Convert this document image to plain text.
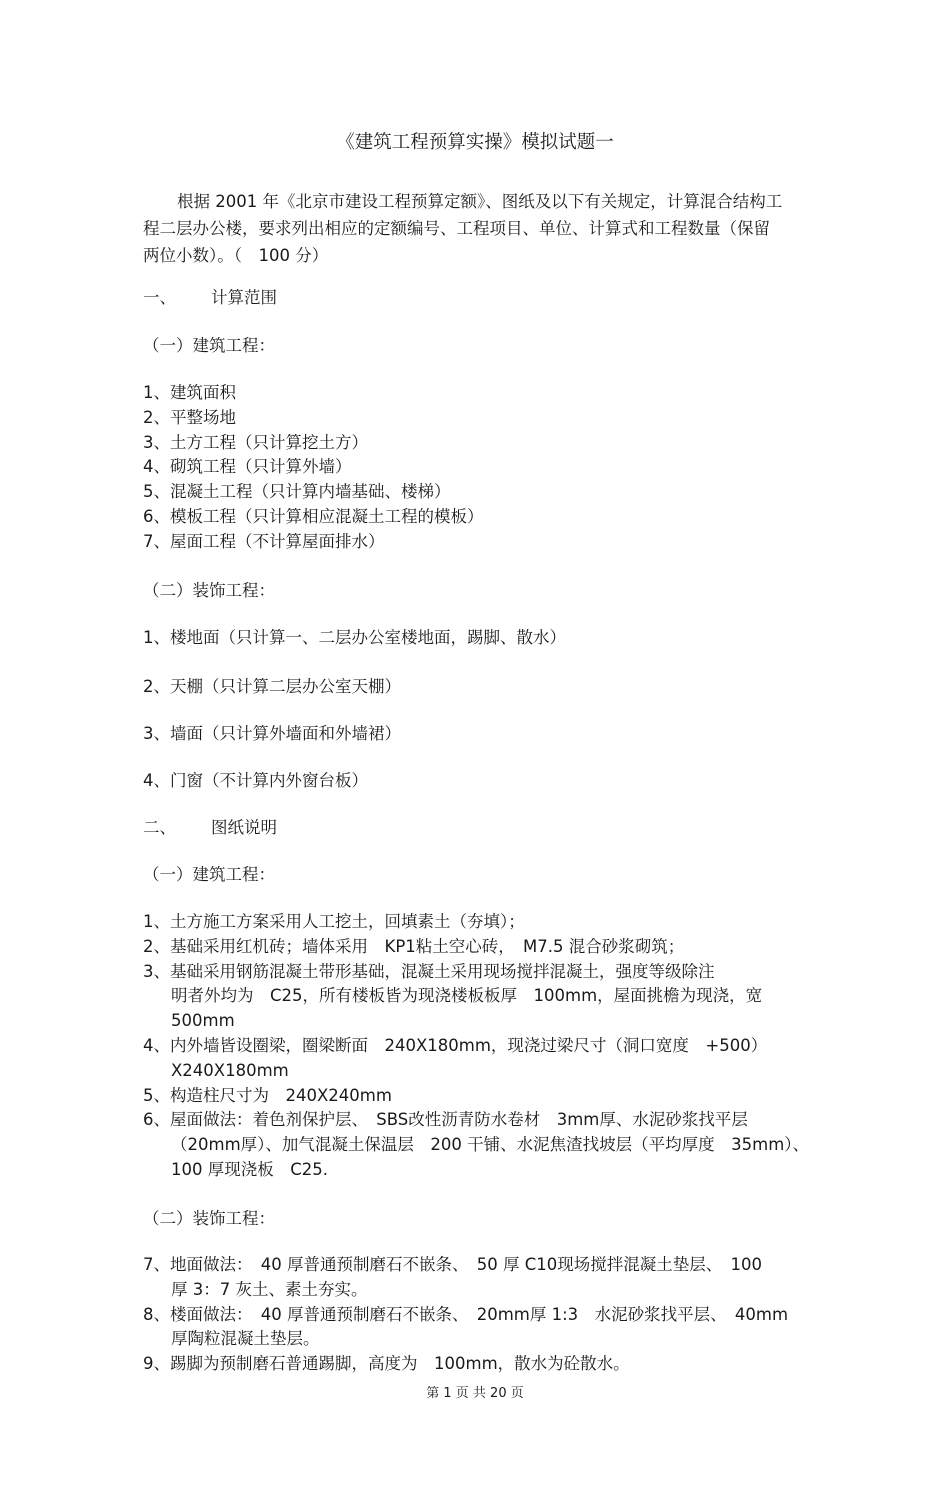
《建筑工程预算实操》模拟试题一
根据 2001 年《北京市建设工程预算定额》、图纸及以下有关规定，计算混合结构工程二层办公楼，要求列出相应的定额编号、工程项目、单位、计算式和工程数量（保留两位小数）。（　100 分）
一、 计算范围
（一）建筑工程：
1、建筑面积
2、平整场地
3、土方工程（只计算挖土方）
4、砌筑工程（只计算外墙）
5、混凝土工程（只计算内墙基础、楼梯）
6、模板工程（只计算相应混凝土工程的模板）
7、屋面工程（不计算屋面排水）
（二）装饰工程：
1、楼地面（只计算一、二层办公室楼地面，踢脚、散水）
2、天棚（只计算二层办公室天棚）
3、墙面（只计算外墙面和外墙裙）
4、门窗（不计算内外窗台板）
二、 图纸说明
（一）建筑工程：
1、土方施工方案采用人工挖土，回填素土（夯填）；
2、基础采用红机砖；墙体采用　KP1粘土空心砖，　M7.5 混合砂浆砌筑；
3、基础采用钢筋混凝土带形基础，混凝土采用现场搅拌混凝土，强度等级除注
明者外均为　C25，所有楼板皆为现浇楼板板厚　100mm，屋面挑檐为现浇，宽
500mm
4、内外墙皆设圈梁，圈梁断面　240X180mm，现浇过梁尺寸（洞口宽度　+500）
X240X180mm
5、构造柱尺寸为　240X240mm
6、屋面做法：着色剂保护层、　SBS改性沥青防水卷材　3mm厚、水泥砂浆找平层
（20mm厚）、加气混凝土保温层　200 干铺、水泥焦渣找坡层（平均厚度　35mm）、
100 厚现浇板　C25.
（二）装饰工程：
7、地面做法：　40 厚普通预制磨石不嵌条、　50 厚 C10现场搅拌混凝土垫层、　100
厚 3：7 灰土、素土夯实。
8、楼面做法：　40 厚普通预制磨石不嵌条、　20mm厚 1:3　水泥砂浆找平层、　40mm
厚陶粒混凝土垫层。
9、踢脚为预制磨石普通踢脚，高度为　100mm，散水为砼散水。
第 1 页 共 20 页
